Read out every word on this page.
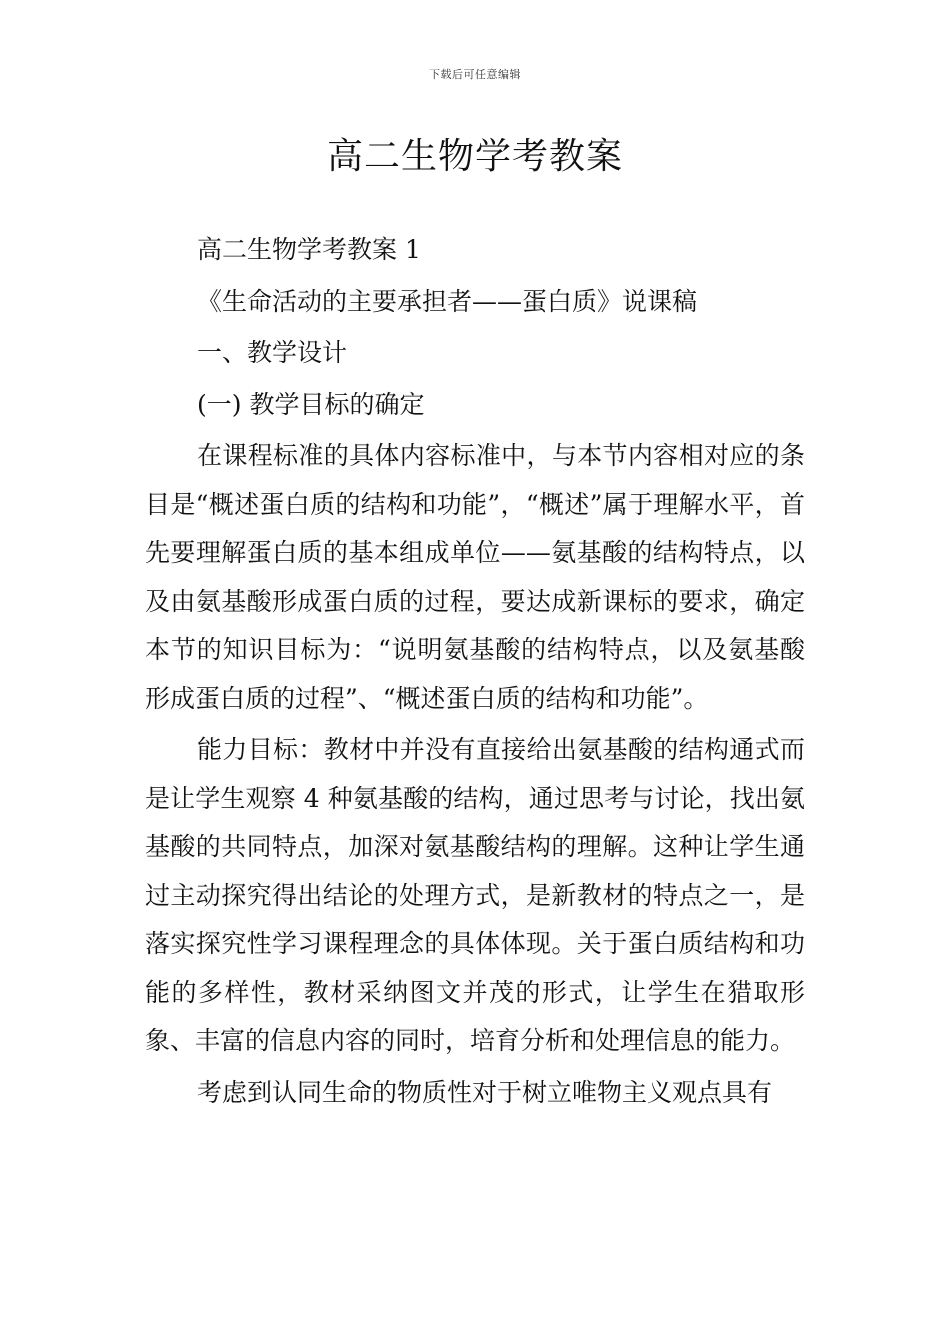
下载后可任意编辑
高二生物学考教案

高二生物学考教案 1

《生命活动的主要承担者——蛋白质》说课稿

一、教学设计

(一) 教学目标的确定

在课程标准的具体内容标准中，与本节内容相对应的条目是“概述蛋白质的结构和功能”，“概述”属于理解水平，首先要理解蛋白质的基本组成单位——氨基酸的结构特点，以及由氨基酸形成蛋白质的过程，要达成新课标的要求，确定本节的知识目标为：“说明氨基酸的结构特点，以及氨基酸形成蛋白质的过程”、“概述蛋白质的结构和功能”。

能力目标：教材中并没有直接给出氨基酸的结构通式而是让学生观察 4 种氨基酸的结构，通过思考与讨论，找出氨基酸的共同特点，加深对氨基酸结构的理解。这种让学生通过主动探究得出结论的处理方式，是新教材的特点之一，是落实探究性学习课程理念的具体体现。关于蛋白质结构和功能的多样性，教材采纳图文并茂的形式，让学生在猎取形象、丰富的信息内容的同时，培育分析和处理信息的能力。

考虑到认同生命的物质性对于树立唯物主义观点具有
